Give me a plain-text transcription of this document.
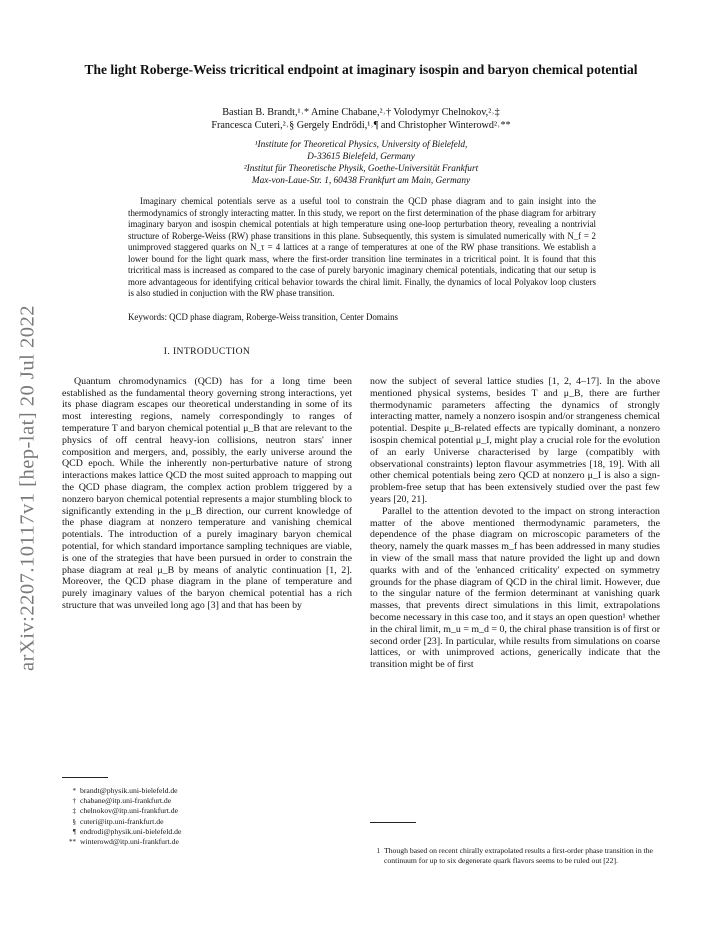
arXiv:2207.10117v1 [hep-lat] 20 Jul 2022
The light Roberge-Weiss tricritical endpoint at imaginary isospin and baryon chemical potential
Bastian B. Brandt,¹˒* Amine Chabane,²˒† Volodymyr Chelnokov,²˒‡
Francesca Cuteri,²˒§ Gergely Endrődi,¹˒¶ and Christopher Winterowd²˒**
¹Institute for Theoretical Physics, University of Bielefeld,
D-33615 Bielefeld, Germany
²Institut für Theoretische Physik, Goethe-Universität Frankfurt
Max-von-Laue-Str. 1, 60438 Frankfurt am Main, Germany

Imaginary chemical potentials serve as a useful tool to constrain the QCD phase diagram and to gain insight into the thermodynamics of strongly interacting matter. In this study, we report on the first determination of the phase diagram for arbitrary imaginary baryon and isospin chemical potentials at high temperature using one-loop perturbation theory, revealing a nontrivial structure of Roberge-Weiss (RW) phase transitions in this plane. Subsequently, this system is simulated numerically with N_f = 2 unimproved staggered quarks on N_τ = 4 lattices at a range of temperatures at one of the RW phase transitions. We establish a lower bound for the light quark mass, where the first-order transition line terminates in a tricritical point. It is found that this tricritical mass is increased as compared to the case of purely baryonic imaginary chemical potentials, indicating that our setup is more advantageous for identifying critical behavior towards the chiral limit. Finally, the dynamics of local Polyakov loop clusters is also studied in conjuction with the RW phase transition.

Keywords: QCD phase diagram, Roberge-Weiss transition, Center Domains

I. INTRODUCTION

Quantum chromodynamics (QCD) has for a long time been established as the fundamental theory governing strong interactions, yet its phase diagram escapes our theoretical understanding in some of its most interesting regions, namely correspondingly to ranges of temperature T and baryon chemical potential μ_B that are relevant to the physics of off central heavy-ion collisions, neutron stars' inner composition and mergers, and, possibly, the early universe around the QCD epoch. While the inherently non-perturbative nature of strong interactions makes lattice QCD the most suited approach to mapping out the QCD phase diagram, the complex action problem triggered by a nonzero baryon chemical potential represents a major stumbling block to significantly extending in the μ_B direction, our current knowledge of the phase diagram at nonzero temperature and vanishing chemical potentials. The introduction of a purely imaginary baryon chemical potential, for which standard importance sampling techniques are viable, is one of the strategies that have been pursued in order to constrain the phase diagram at real μ_B by means of analytic continuation [1, 2]. Moreover, the QCD phase diagram in the plane of temperature and purely imaginary values of the baryon chemical potential has a rich structure that was unveiled long ago [3] and that has been by

now the subject of several lattice studies [1, 2, 4–17]. In the above mentioned physical systems, besides T and μ_B, there are further thermodynamic parameters affecting the dynamics of strongly interacting matter, namely a nonzero isospin and/or strangeness chemical potential. Despite μ_B-related effects are typically dominant, a nonzero isospin chemical potential μ_I, might play a crucial role for the evolution of an early Universe characterised by large (compatibly with observational constraints) lepton flavour asymmetries [18, 19]. With all other chemical potentials being zero QCD at nonzero μ_I is also a sign-problem-free setup that has been extensively studied over the past few years [20, 21].

Parallel to the attention devoted to the impact on strong interaction matter of the above mentioned thermodynamic parameters, the dependence of the phase diagram on microscopic parameters of the theory, namely the quark masses m_f has been addressed in many studies in view of the small mass that nature provided the light up and down quarks with and of the 'enhanced criticality' expected on symmetry grounds for the phase diagram of QCD in the chiral limit. However, due to the singular nature of the fermion determinant at vanishing quark masses, that prevents direct simulations in this limit, extrapolations become necessary in this case too, and it stays an open question¹ whether in the chiral limit, m_u = m_d = 0, the chiral phase transition is of first or second order [23]. In particular, while results from simulations on coarse lattices, or with unimproved actions, generically indicate that the transition might be of first

* brandt@physik.uni-bielefeld.de
† chabane@itp.uni-frankfurt.de
‡ chelnokov@itp.uni-frankfurt.de
§ cuteri@itp.uni-frankfurt.de
¶ endrodi@physik.uni-bielefeld.de
** winterowd@itp.uni-frankfurt.de
1 Though based on recent chirally extrapolated results a first-order phase transition in the continuum for up to six degenerate quark flavors seems to be ruled out [22].
